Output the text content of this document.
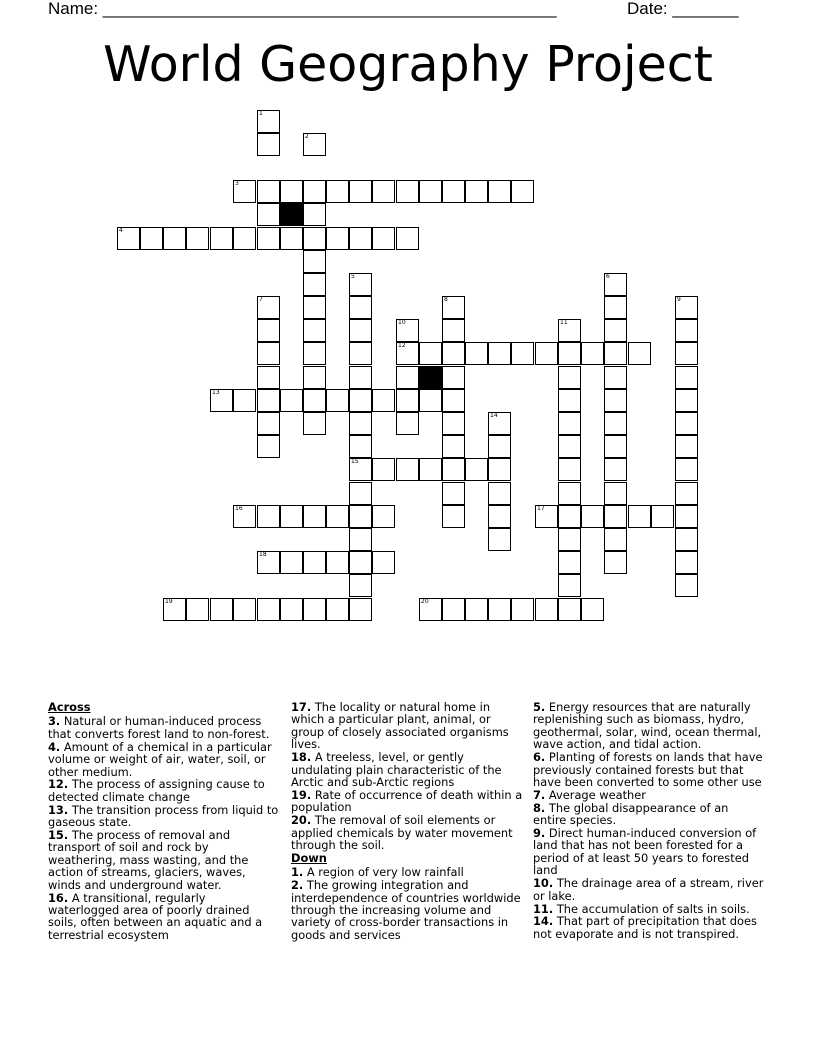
Name: ________________________________________________	Date: _______
World Geography Project
1
2
3
4
5	6
7	8	9
10	11
12
13
14
15
16	17
18
19	20
Across
3. Natural or human-induced process that converts forest land to non-forest.
4. Amount of a chemical in a particular volume or weight of air, water, soil, or other medium.
12. The process of assigning cause to detected climate change
13. The transition process from liquid to gaseous state.
15. The process of removal and transport of soil and rock by weathering, mass wasting, and the action of streams, glaciers, waves, winds and underground water.
16. A transitional, regularly waterlogged area of poorly drained soils, often between an aquatic and a terrestrial ecosystem
17. The locality or natural home in which a particular plant, animal, or group of closely associated organisms lives.
18. A treeless, level, or gently undulating plain characteristic of the Arctic and sub-Arctic regions
19. Rate of occurrence of death within a population
20. The removal of soil elements or applied chemicals by water movement through the soil.
Down
1. A region of very low rainfall
2. The growing integration and interdependence of countries worldwide through the increasing volume and variety of cross-border transactions in goods and services
5. Energy resources that are naturally replenishing such as biomass, hydro, geothermal, solar, wind, ocean thermal, wave action, and tidal action.
6. Planting of forests on lands that have previously contained forests but that have been converted to some other use
7. Average weather
8. The global disappearance of an entire species.
9. Direct human-induced conversion of land that has not been forested for a period of at least 50 years to forested land
10. The drainage area of a stream, river or lake.
11. The accumulation of salts in soils.
14. That part of precipitation that does not evaporate and is not transpired.
